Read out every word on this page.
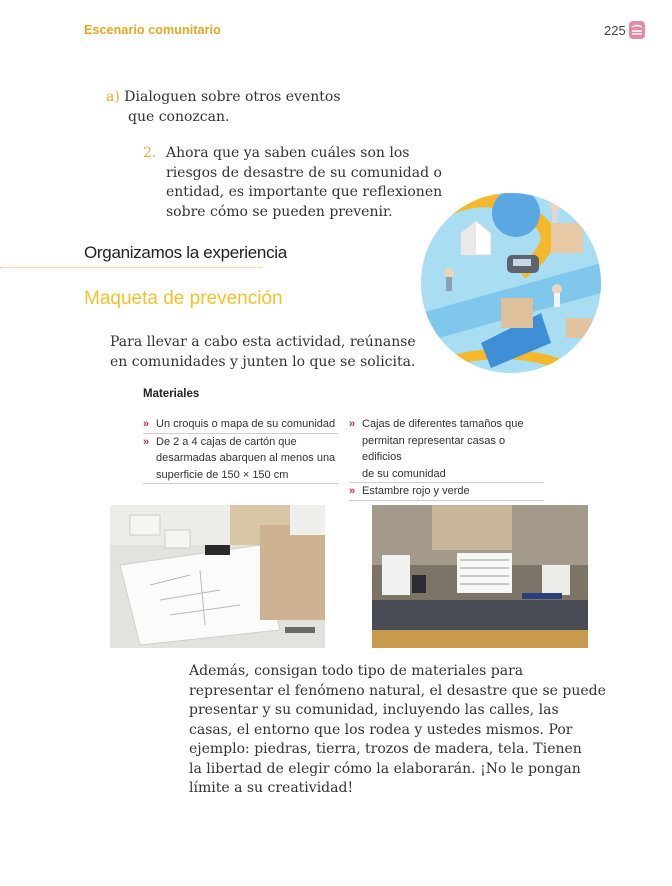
Escenario comunitario	225
a) Dialoguen sobre otros eventos
que conozcan.
2. Ahora que ya saben cuáles son los
riesgos de desastre de su comunidad o
entidad, es importante que reflexionen
sobre cómo se pueden prevenir.
Organizamos la experiencia
Maqueta de prevención
Para llevar a cabo esta actividad, reúnanse
en comunidades y junten lo que se solicita.
Materiales
» Un croquis o mapa de su comunidad
» De 2 a 4 cajas de cartón que
desarmadas abarquen al menos una
superficie de 150 × 150 cm
» Cajas de diferentes tamaños que
permitan representar casas o edificios
de su comunidad
» Estambre rojo y verde
Además, consigan todo tipo de materiales para
representar el fenómeno natural, el desastre que se puede
presentar y su comunidad, incluyendo las calles, las
casas, el entorno que los rodea y ustedes mismos. Por
ejemplo: piedras, tierra, trozos de madera, tela. Tienen
la libertad de elegir cómo la elaborarán. ¡No le pongan
límite a su creatividad!
